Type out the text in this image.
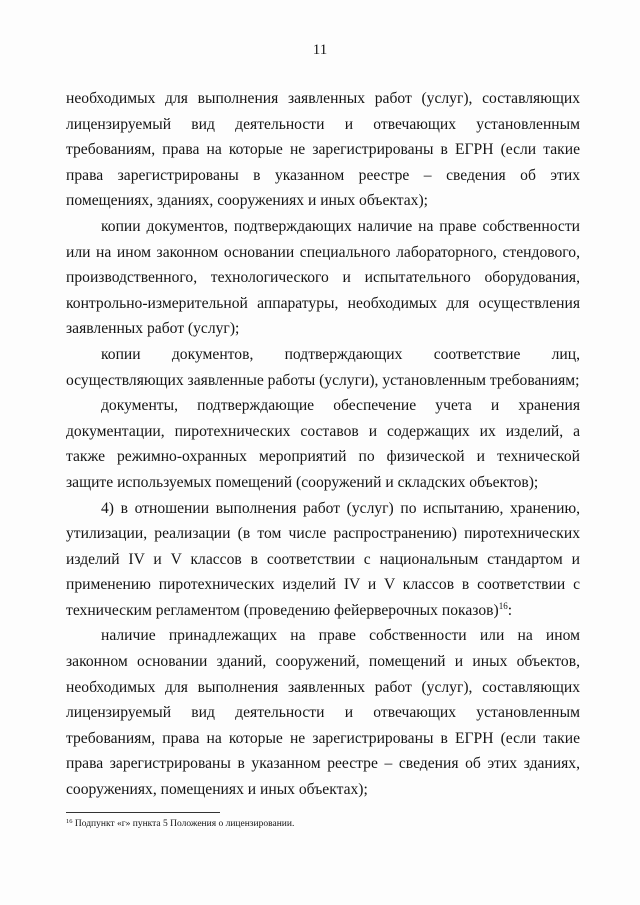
11

необходимых для выполнения заявленных работ (услуг), составляющих лицензируемый вид деятельности и отвечающих установленным требованиям, права на которые не зарегистрированы в ЕГРН (если такие права зарегистрированы в указанном реестре – сведения об этих помещениях, зданиях, сооружениях и иных объектах);

копии документов, подтверждающих наличие на праве собственности или на ином законном основании специального лабораторного, стендового, производственного, технологического и испытательного оборудования, контрольно-измерительной аппаратуры, необходимых для осуществления заявленных работ (услуг);

копии документов, подтверждающих соответствие лиц, осуществляющих заявленные работы (услуги), установленным требованиям;

документы, подтверждающие обеспечение учета и хранения документации, пиротехнических составов и содержащих их изделий, а также режимно-охранных мероприятий по физической и технической защите используемых помещений (сооружений и складских объектов);

4) в отношении выполнения работ (услуг) по испытанию, хранению, утилизации, реализации (в том числе распространению) пиротехнических изделий IV и V классов в соответствии с национальным стандартом и применению пиротехнических изделий IV и V классов в соответствии с техническим регламентом (проведению фейерверочных показов)$^{16}$:

наличие принадлежащих на праве собственности или на ином законном основании зданий, сооружений, помещений и иных объектов, необходимых для выполнения заявленных работ (услуг), составляющих лицензируемый вид деятельности и отвечающих установленным требованиям, права на которые не зарегистрированы в ЕГРН (если такие права зарегистрированы в указанном реестре – сведения об этих зданиях, сооружениях, помещениях и иных объектах);

$^{16}$ Подпункт «г» пункта 5 Положения о лицензировании.
